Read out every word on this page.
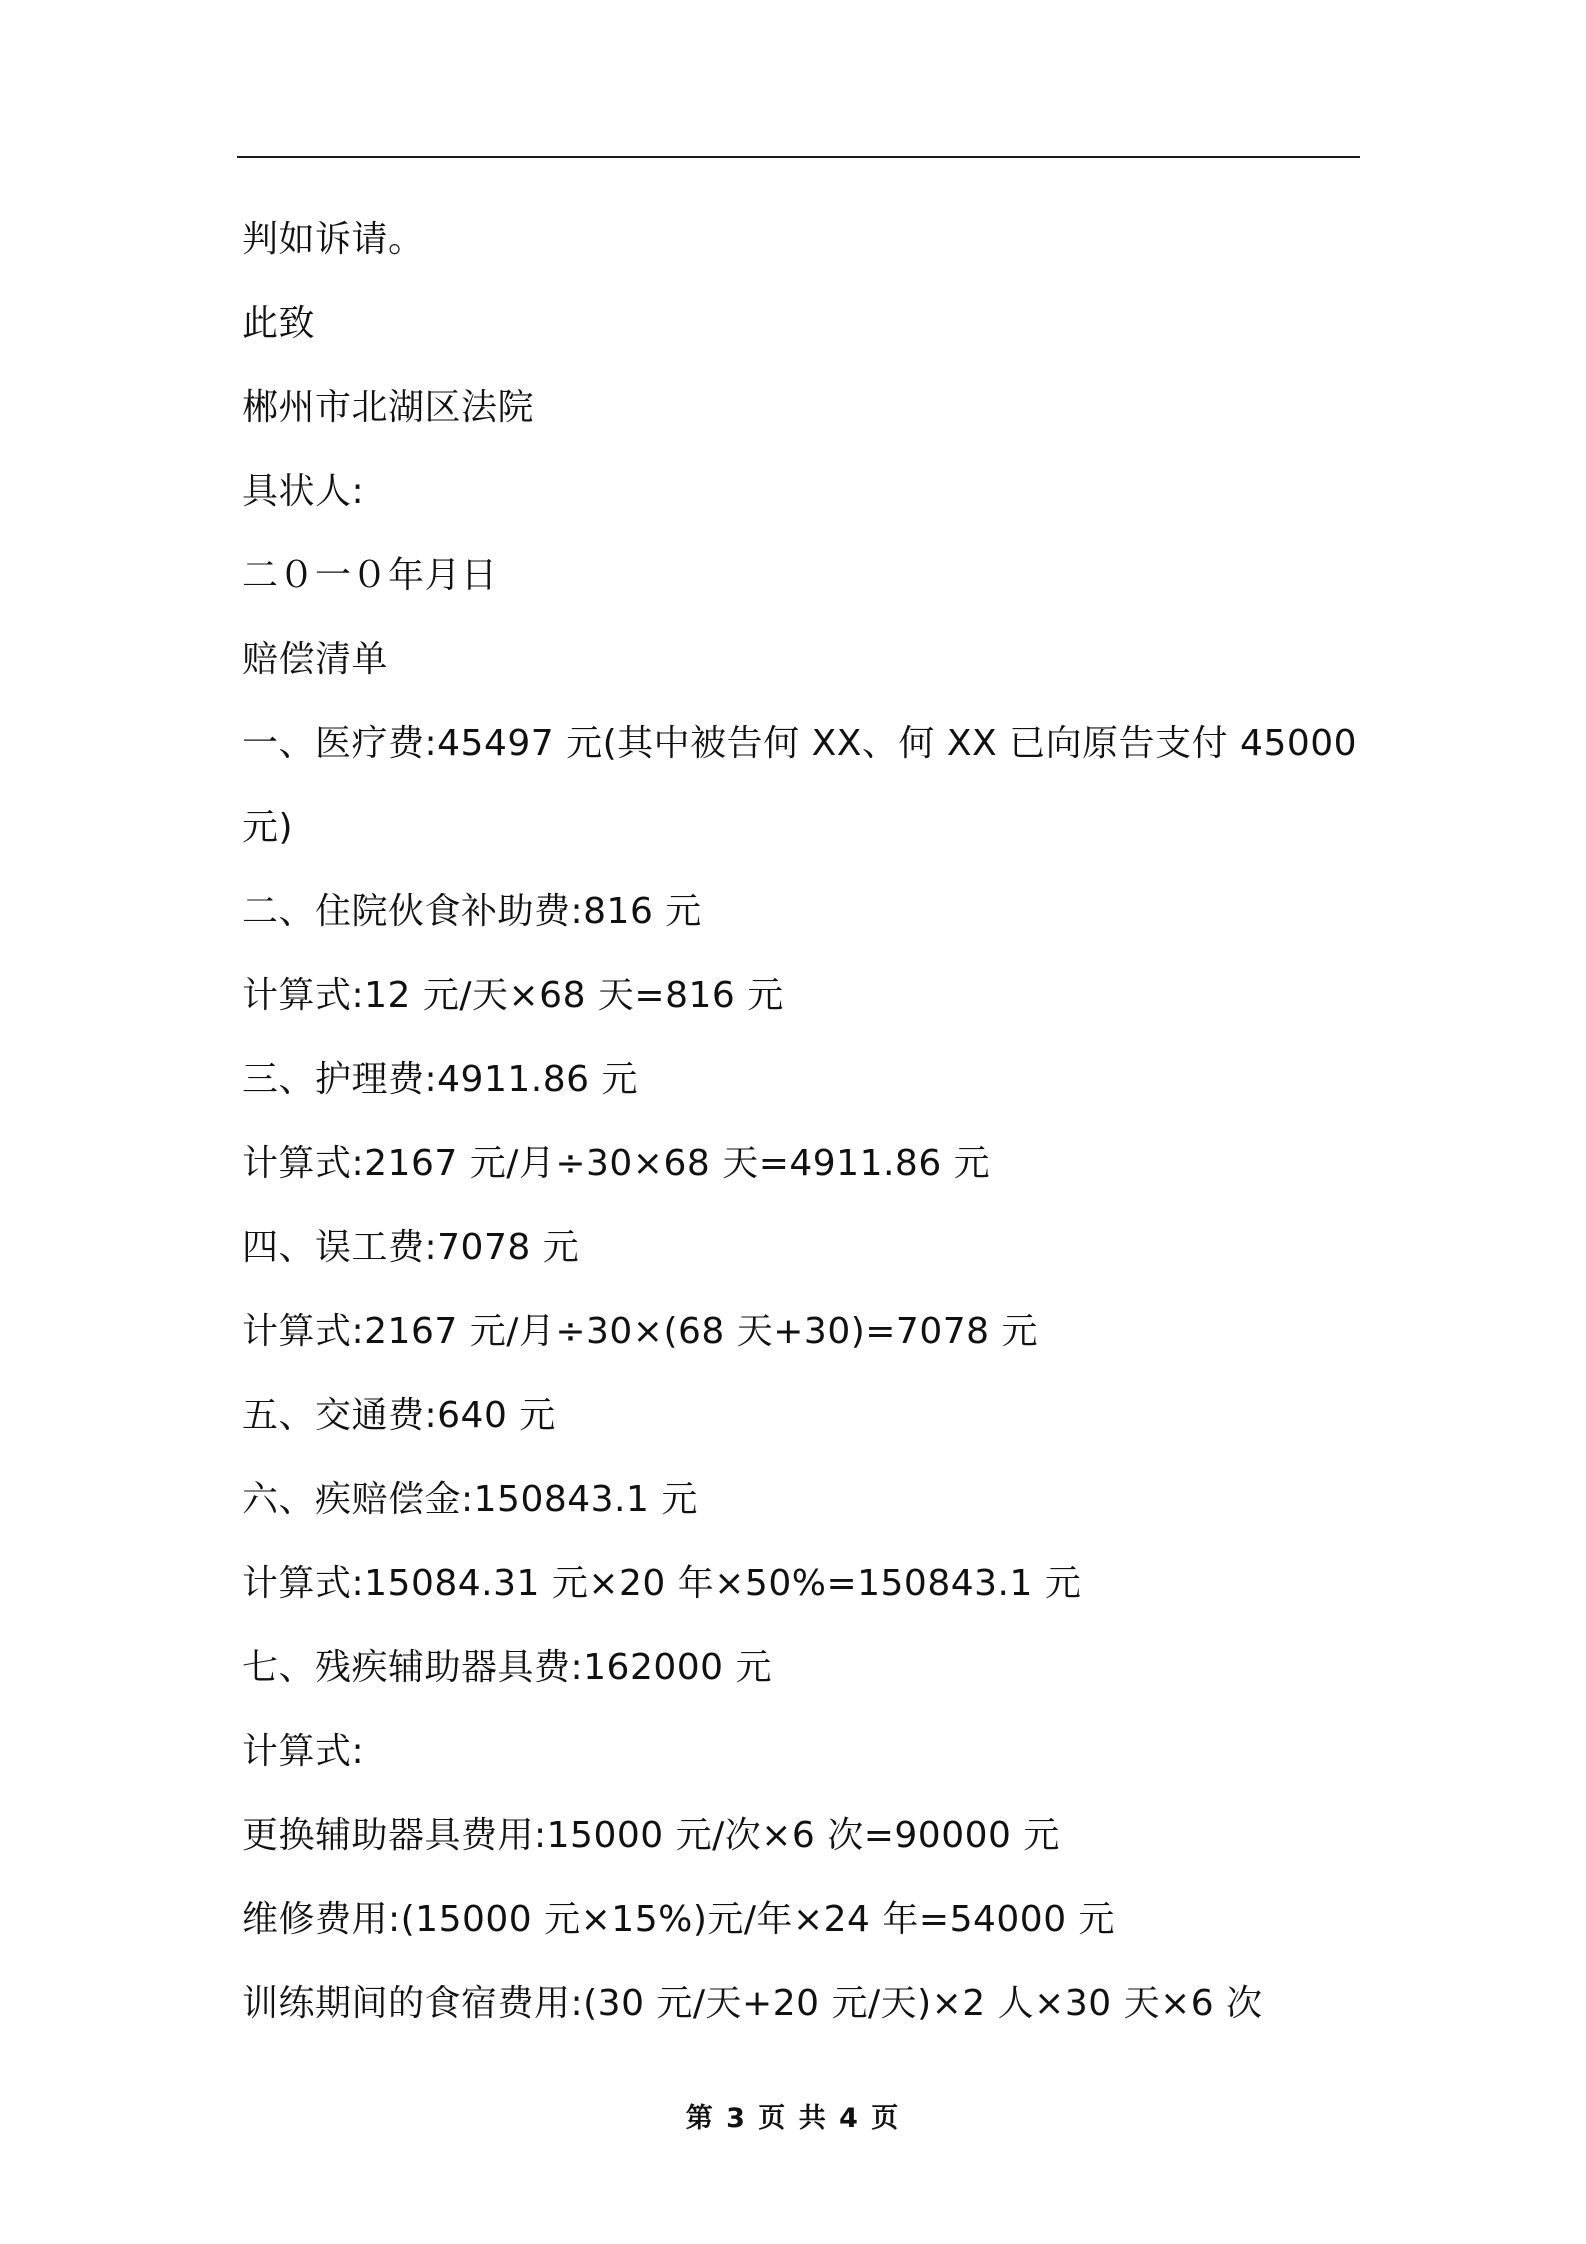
判如诉请。
此致
郴州市北湖区法院
具状人:
二０一０年月日
赔偿清单
一、医疗费:45497 元(其中被告何 XX、何 XX 已向原告支付 45000
元)
二、住院伙食补助费:816 元
计算式:12 元/天×68 天=816 元
三、护理费:4911.86 元
计算式:2167 元/月÷30×68 天=4911.86 元
四、误工费:7078 元
计算式:2167 元/月÷30×(68 天+30)=7078 元
五、交通费:640 元
六、疾赔偿金:150843.1 元
计算式:15084.31 元×20 年×50%=150843.1 元
七、残疾辅助器具费:162000 元
计算式:
更换辅助器具费用:15000 元/次×6 次=90000 元
维修费用:(15000 元×15%)元/年×24 年=54000 元
训练期间的食宿费用:(30 元/天+20 元/天)×2 人×30 天×6 次
第 3 页 共 4 页
